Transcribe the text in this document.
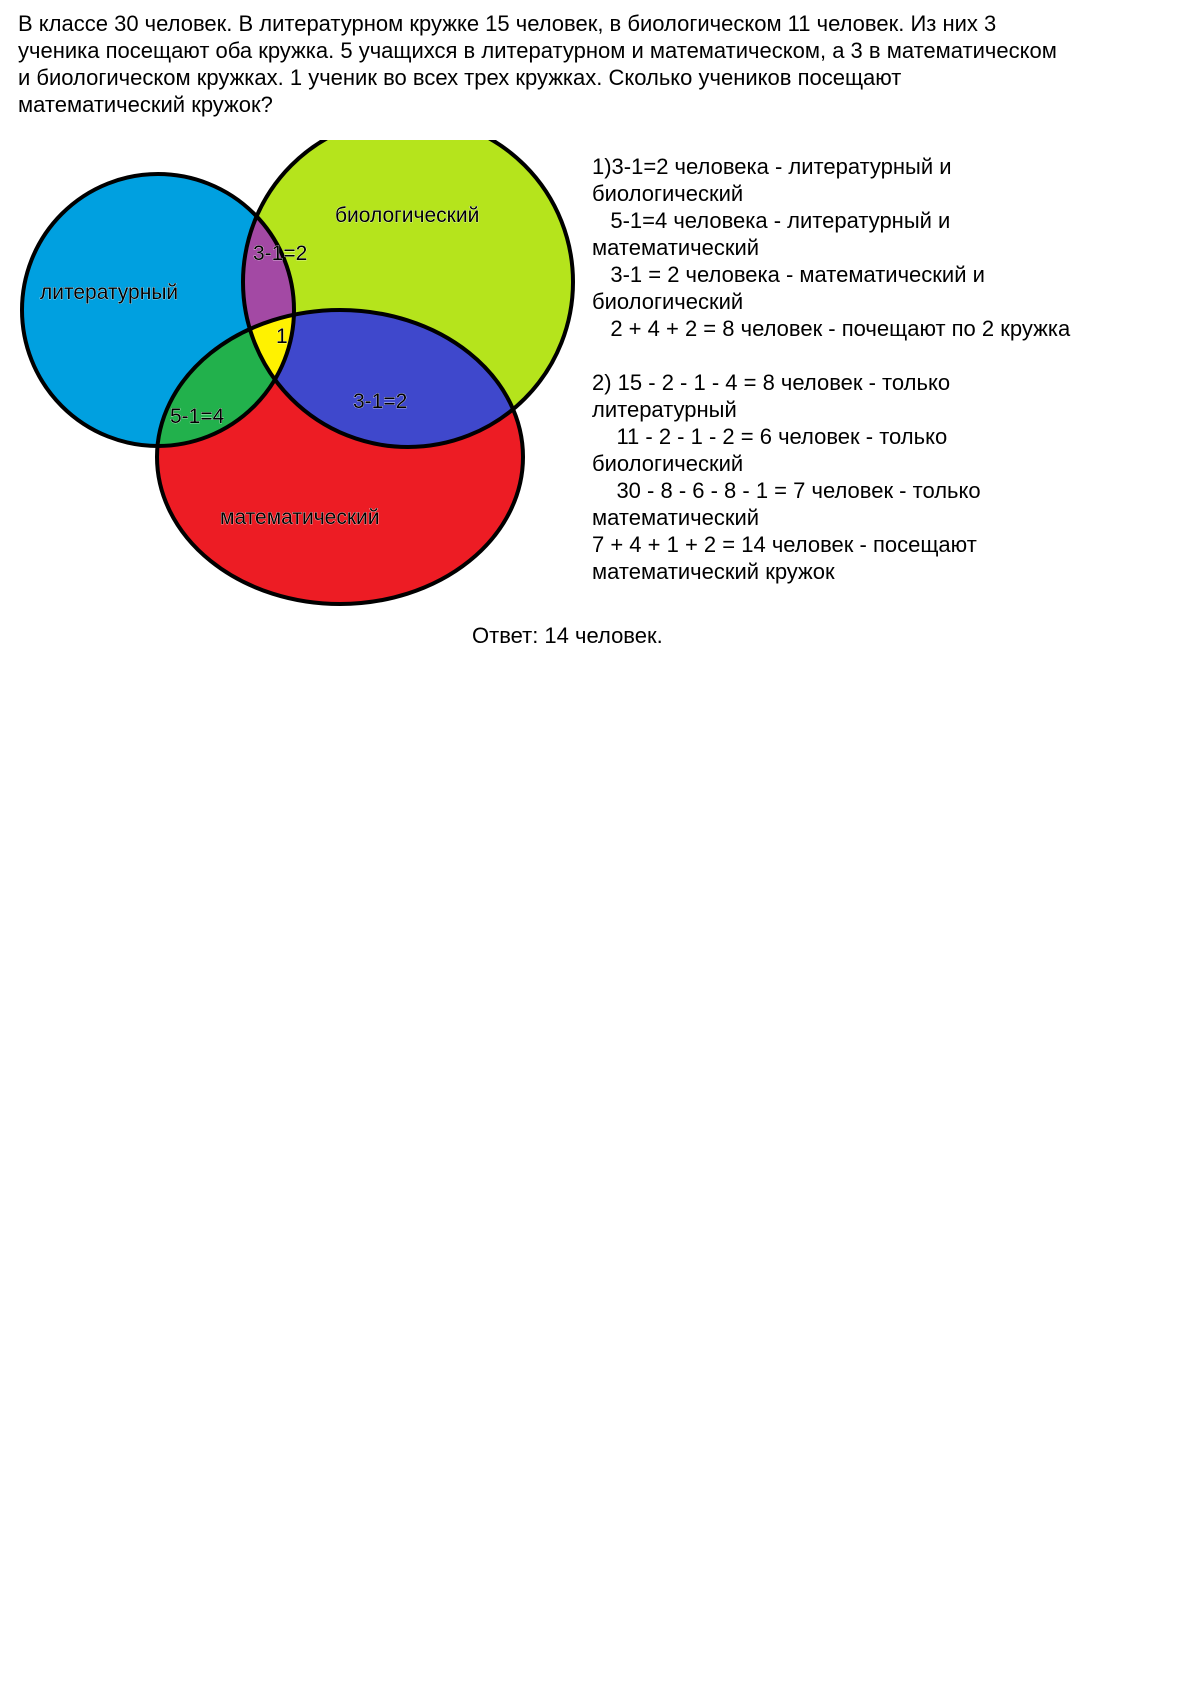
В классе 30 человек. В литературном кружке 15 человек, в биологическом 11 человек. Из них 3
ученика посещают оба кружка. 5 учащихся в литературном и математическом, а 3 в математическом
и биологическом кружках. 1 ученик во всех трех кружках. Сколько учеников посещают
математический кружок?
литературный
биологический
математический
3-1=2
1
5-1=4
3-1=2
1)3-1=2 человека - литературный и
биологический
5-1=4 человека - литературный и
математический
3-1 = 2 человека - математический и
биологический
2 + 4 + 2 = 8 человек - почещают по 2 кружка
2) 15 - 2 - 1 - 4 = 8 человек - только
литературный
11 - 2 - 1 - 2 = 6 человек - только
биологический
30 - 8 - 6 - 8 - 1 = 7 человек - только
математический
7 + 4 + 1 + 2 = 14 человек - посещают
математический кружок
Ответ: 14 человек.
